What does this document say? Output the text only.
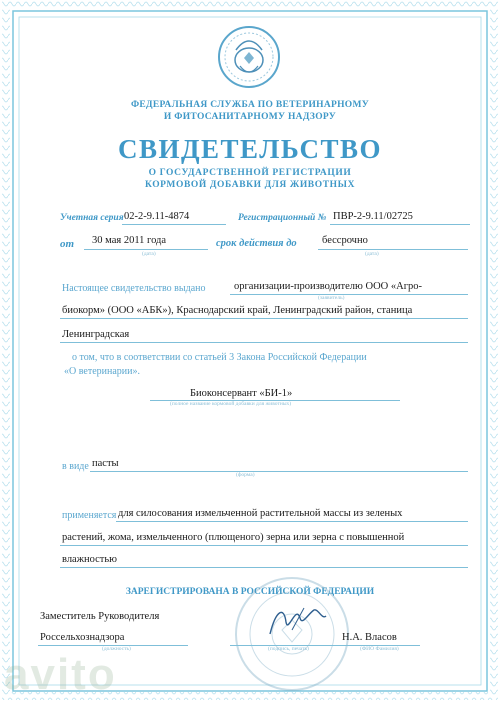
ФЕДЕРАЛЬНАЯ СЛУЖБА ПО ВЕТЕРИНАРНОМУ
И ФИТОСАНИТАРНОМУ НАДЗОРУ
СВИДЕТЕЛЬСТВО
О ГОСУДАРСТВЕННОЙ РЕГИСТРАЦИИ
КОРМОВОЙ ДОБАВКИ ДЛЯ ЖИВОТНЫХ
Учетная серия 02-2-9.11-4874	Регистрационный № ПВР-2-9.11/02725
от 30 мая 2011 года
(дата)
срок действия до бессрочно
(дата)
Настоящее свидетельство выдано	организации-производителю ООО «Агро-
(заявитель)
биокорм» (ООО «АБК»), Краснодарский край, Ленинградский район, станица
Ленинградская
о том, что в соответствии со статьей 3 Закона Российской Федерации
«О ветеринарии».
Биоконсервант «БИ-1»
(полное название кормовой добавки для животных)
в виде пасты
(форма)
применяется для силосования измельченной растительной массы из зеленых
растений, жома, измельченного (плющеного) зерна или зерна с повышенной
влажностью
ЗАРЕГИСТРИРОВАНА В РОССИЙСКОЙ ФЕДЕРАЦИИ
Заместитель Руководителя
Россельхознадзора
(должность)	(подпись, печать)
Н.А. Власов
(ФИО Фамилия)
avito
